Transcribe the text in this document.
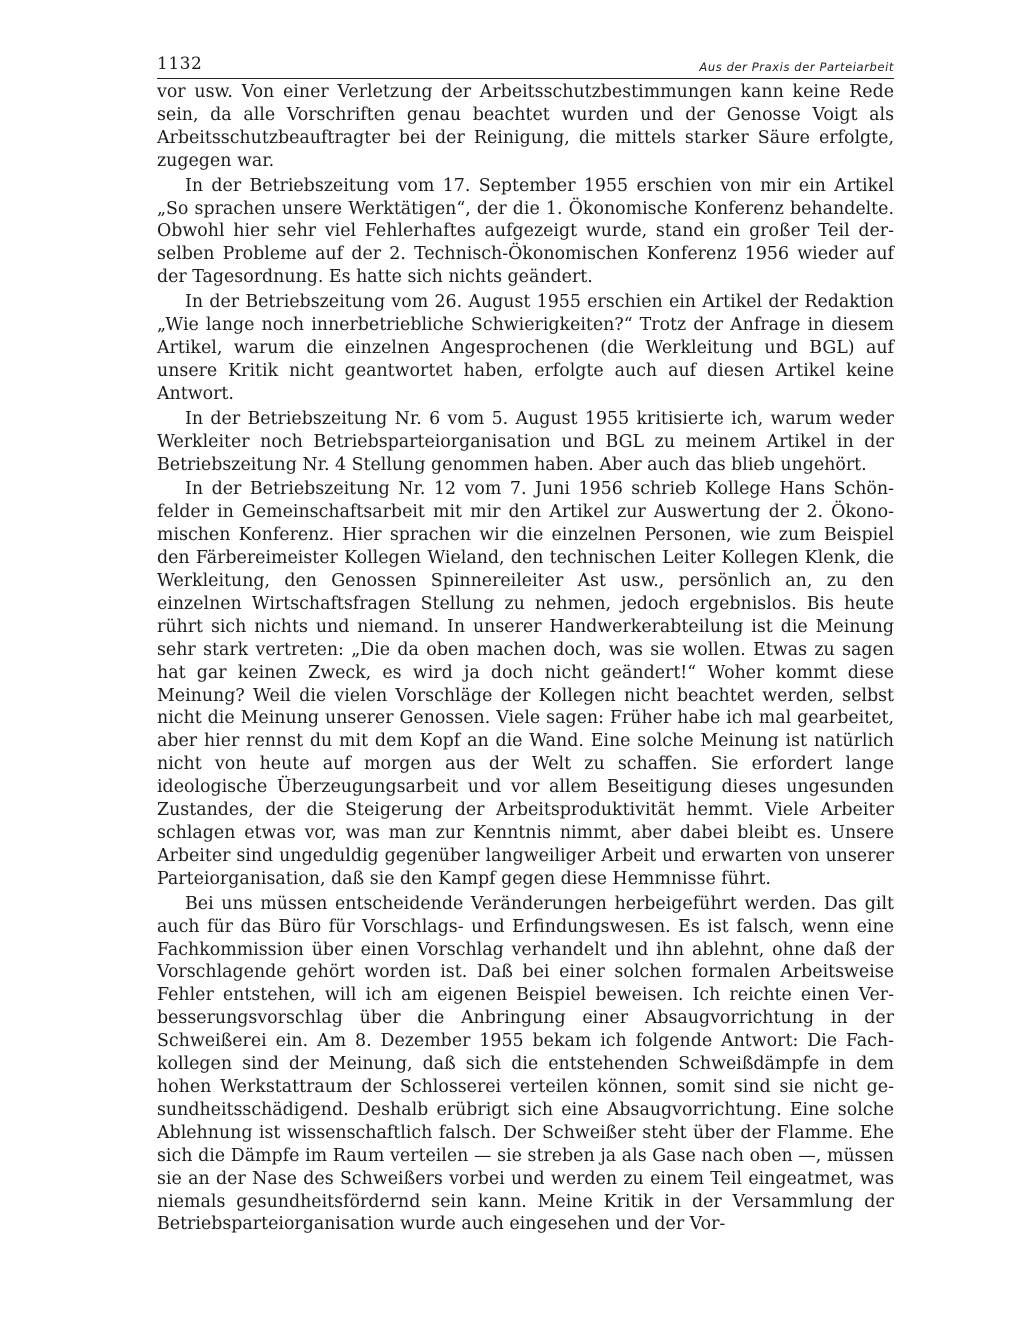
1132	Aus der Praxis der Parteiarbeit

vor usw. Von einer Verletzung der Arbeitsschutzbestimmungen kann keine Rede sein, da alle Vorschriften genau beachtet wurden und der Genosse Voigt als Arbeitsschutzbeauftragter bei der Reinigung, die mittels starker Säure erfolgte, zugegen war.

In der Betriebszeitung vom 17. September 1955 erschien von mir ein Artikel „So sprachen unsere Werktätigen“, der die 1. Ökonomische Konferenz behandelte. Obwohl hier sehr viel Fehlerhaftes aufgezeigt wurde, stand ein großer Teil derselben Probleme auf der 2. Technisch-Ökonomischen Konferenz 1956 wieder auf der Tagesordnung. Es hatte sich nichts geändert.

In der Betriebszeitung vom 26. August 1955 erschien ein Artikel der Redaktion „Wie lange noch innerbetriebliche Schwierigkeiten?“ Trotz der Anfrage in diesem Artikel, warum die einzelnen Angesprochenen (die Werkleitung und BGL) auf unsere Kritik nicht geantwortet haben, erfolgte auch auf diesen Artikel keine Antwort.

In der Betriebszeitung Nr. 6 vom 5. August 1955 kritisierte ich, warum weder Werkleiter noch Betriebsparteiorganisation und BGL zu meinem Artikel in der Betriebszeitung Nr. 4 Stellung genommen haben. Aber auch das blieb ungehört.

In der Betriebszeitung Nr. 12 vom 7. Juni 1956 schrieb Kollege Hans Schönfelder in Gemeinschaftsarbeit mit mir den Artikel zur Auswertung der 2. Ökonomischen Konferenz. Hier sprachen wir die einzelnen Personen, wie zum Beispiel den Färbereimeister Kollegen Wieland, den technischen Leiter Kollegen Klenk, die Werkleitung, den Genossen Spinnereileiter Ast usw., persönlich an, zu den einzelnen Wirtschaftsfragen Stellung zu nehmen, jedoch ergebnislos. Bis heute rührt sich nichts und niemand. In unserer Handwerkerabteilung ist die Meinung sehr stark vertreten: „Die da oben machen doch, was sie wollen. Etwas zu sagen hat gar keinen Zweck, es wird ja doch nicht geändert!“ Woher kommt diese Meinung? Weil die vielen Vorschläge der Kollegen nicht beachtet werden, selbst nicht die Meinung unserer Genossen. Viele sagen: Früher habe ich mal gearbeitet, aber hier rennst du mit dem Kopf an die Wand. Eine solche Meinung ist natürlich nicht von heute auf morgen aus der Welt zu schaffen. Sie erfordert lange ideologische Überzeugungsarbeit und vor allem Beseitigung dieses ungesunden Zustandes, der die Steigerung der Arbeitsproduktivität hemmt. Viele Arbeiter schlagen etwas vor, was man zur Kenntnis nimmt, aber dabei bleibt es. Unsere Arbeiter sind ungeduldig gegenüber langweiliger Arbeit und erwarten von unserer Parteiorganisation, daß sie den Kampf gegen diese Hemmnisse führt.

Bei uns müssen entscheidende Veränderungen herbeigeführt werden. Das gilt auch für das Büro für Vorschlags- und Erfindungswesen. Es ist falsch, wenn eine Fachkommission über einen Vorschlag verhandelt und ihn ablehnt, ohne daß der Vorschlagende gehört worden ist. Daß bei einer solchen formalen Arbeitsweise Fehler entstehen, will ich am eigenen Beispiel beweisen. Ich reichte einen Verbesserungsvorschlag über die Anbringung einer Absaugvorrichtung in der Schweißerei ein. Am 8. Dezember 1955 bekam ich folgende Antwort: Die Fachkollegen sind der Meinung, daß sich die entstehenden Schweißdämpfe in dem hohen Werkstattraum der Schlosserei verteilen können, somit sind sie nicht gesundheitsschädigend. Deshalb erübrigt sich eine Absaugvorrichtung. Eine solche Ablehnung ist wissenschaftlich falsch. Der Schweißer steht über der Flamme. Ehe sich die Dämpfe im Raum verteilen — sie streben ja als Gase nach oben —, müssen sie an der Nase des Schweißers vorbei und werden zu einem Teil eingeatmet, was niemals gesundheitsfördernd sein kann. Meine Kritik in der Versammlung der Betriebsparteiorganisation wurde auch eingesehen und der Vor-
